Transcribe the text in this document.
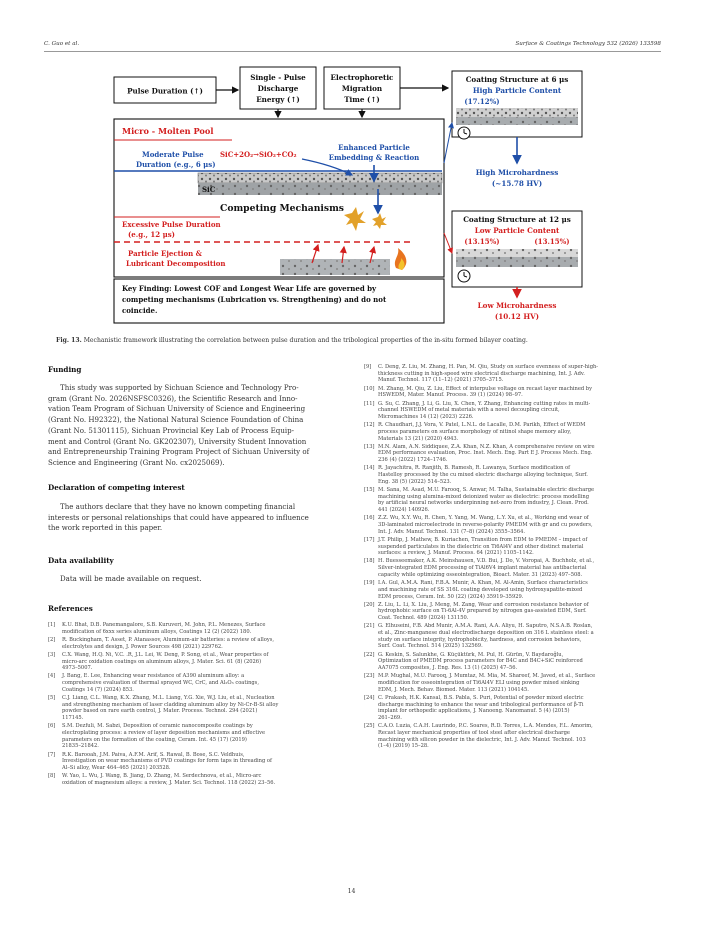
C. Guo et al.	Surface & Coatings Technology 532 (2026) 133598
Pulse Duration (↑)
Single - Pulse
Discharge
Energy (↑)
Electrophoretic
Migration
Time (↑)
Micro - Molten Pool
Moderate Pulse
Duration (e.g., 6 μs)
SiC+2O₂→SiO₂+CO₂
Enhanced Particle
Embedding & Reaction
SiC
Competing Mechanisms
Excessive Pulse Duration
(e.g., 12 μs)
Particle Ejection &
Lubricant Decomposition
Key Finding: Lowest COF and Longest Wear Life are governed by
competing mechanisms (Lubrication vs. Strengthening) and do not
coincide.
Coating Structure at 6 μs
High Particle Content
(17.12%)
High Microhardness
(~15.78 HV)
Coating Structure at 12 μs
Low Particle Content
(13.15%)	(13.15%)
Low Microhardness
(10.12 HV)
Fig. 13. Mechanistic framework illustrating the correlation between pulse duration and the tribological properties of the in-situ formed bilayer coating.
Funding
This study was supported by Sichuan Science and Technology Pro-
gram (Grant No. 2026NSFSC0326), the Scientific Research and Inno-
vation Team Program of Sichuan University of Science and Engineering
(Grant No. H92322), the National Natural Science Foundation of China
(Grant No. 51301115), Sichuan Provincial Key Lab of Process Equip-
ment and Control (Grant No. GK202307), University Student Innovation
and Entrepreneurship Training Program Project of Sichuan University of
Science and Engineering (Grant No. cx2025069).
Declaration of competing interest
The authors declare that they have no known competing financial
interests or personal relationships that could have appeared to influence
the work reported in this paper.
Data availability
Data will be made available on request.
References
[1]	K.U. Bhat, D.B. Panemangalore, S.B. Kuruveri, M. John, P.L. Menezes, Surface
modification of 6xxx series aluminum alloys, Coatings 12 (2) (2022) 180.
[2]	R. Buckingham, T. Asset, P. Atanassov, Aluminum-air batteries: a review of alloys,
electrolytes and design, J. Power Sources 498 (2021) 229762.
[3]	C.X. Wang, H.Q. Ni, V.C. .R, J.L. Lei, W. Deng, P. Song, et al., Wear properties of
micro-arc oxidation coatings on aluminum alloys, J. Mater. Sci. 61 (8) (2026)
4973–5007.
[4]	J. Bang, E. Lee, Enhancing wear resistance of A390 aluminum alloy: a
comprehensive evaluation of thermal sprayed WC, CrC, and Al₂O₃ coatings,
Coatings 14 (7) (2024) 853.
[5]	C.J. Liang, C.L. Wang, K.X. Zhang, M.L. Liang, Y.G. Xie, W.J. Liu, et al., Nucleation
and strengthening mechanism of laser cladding aluminum alloy by Ni-Cr-B-Si alloy
powder based on rare earth control, J. Mater. Process. Technol. 294 (2021)
117145.
[6]	S.M. Dezfuli, M. Sabzi, Deposition of ceramic nanocomposite coatings by
electroplating process: a review of layer deposition mechanisms and effective
parameters on the formation of the coating, Ceram. Int. 45 (17) (2019)
21835–21842.
[7]	R.K. Barooah, J.M. Paiva, A.F.M. Arif, S. Rawal, B. Bose, S.C. Veldhuis,
Investigation on wear mechanisms of PVD coatings for form taps in threading of
Al–Si alloy, Wear 464–465 (2021) 203528.
[8]	W. Yao, L. Wu, J. Wang, B. Jiang, D. Zhang, M. Serdechnova, et al., Micro-arc
oxidation of magnesium alloys: a review, J. Mater. Sci. Technol. 118 (2022) 23–56.
[9]	C. Deng, Z. Liu, M. Zhang, H. Pan, M. Qiu, Study on surface evenness of super-high-
thickness cutting in high-speed wire electrical discharge machining, Int. J. Adv.
Manuf. Technol. 117 (11–12) (2021) 3705–3715.
[10] M. Zhang, M. Qiu, Z. Liu, Effect of interpulse voltage on recast layer machined by
HSWEDM, Mater. Manuf. Process. 39 (1) (2024) 98–97.
[11] G. Su, C. Zhang, J. Li, G. Liu, X. Chen, Y. Zhang, Enhancing cutting rates in multi-
channel HSWEDM of metal materials with a novel decoupling circuit,
Micromachines 14 (12) (2023) 2226.
[12] R. Chaudhari, J.J. Vora, V. Patel, L.N.L. de Lacalle, D.M. Parikh, Effect of WEDM
process parameters on surface morphology of nitinol shape memory alloy,
Materials 13 (21) (2020) 4943.
[13] M.N. Alam, A.N. Siddiquee, Z.A. Khan, N.Z. Khan, A comprehensive review on wire
EDM performance evaluation, Proc. Inst. Mech. Eng. Part E J. Process Mech. Eng.
236 (4) (2022) 1724–1746.
[14] R. Jayachitra, R. Ranjith, B. Ramesh, R. Lawanya, Surface modification of
Hastelloy processed by the cu mixed electric discharge alloying technique, Surf.
Eng. 38 (5) (2022) 514–523.
[15] M. Sana, M. Asad, M.U. Farooq, S. Anwar, M. Talha, Sustainable electric discharge
machining using alumina-mixed deionized water as dielectric: process modelling
by artificial neural networks underpinning net-zero from industry, J. Clean. Prod.
441 (2024) 140926.
[16] Z.Z. Wu, X.Y. Wu, R. Chen, Y. Yang, M. Wang, L.Y. Xu, et al., Working end wear of
3D-laminated microelectrode in reverse-polarity PMEDM with gr and cu powders,
Int. J. Adv. Manuf. Technol. 131 (7–8) (2024) 3555–3564.
[17] J.T. Philip, J. Mathew, B. Kuriachen, Transition from EDM to PMEDM – impact of
suspended particulates in the dielectric on Ti6Al4V and other distinct material
surfaces: a review, J. Manuf. Process. 64 (2021) 1105–1142.
[18] H. Buesseemaker, A.K. Meinshausen, V.D. Bui, J. Do, V. Voropai, A. Buchholz, et al.,
Silver-integrated EDM processing of TiAl6V4 implant material has antibacterial
capacity while optimizing osseointegration, Bioact. Mater. 31 (2023) 497–508.
[19] I.A. Gul, A.M.A. Rani, F.B.A. Munir, A. Khan, M. Al-Amin, Surface characteristics
and machining rate of SS 316L coating developed using hydroxyapatite-mixed
EDM process, Ceram. Int. 50 (22) (2024) 35919–35929.
[20] Z. Liu, L. Li, X. Liu, J. Meng, M. Zang, Wear and corrosion resistance behavior of
hydrophobic surface on Ti-6Al-4V prepared by nitrogen gas-assisted EDM, Surf.
Coat. Technol. 489 (2024) 131150.
[21] G. Elhuseini, F.B. Abd Munir, A.M.A. Rani, A.A. Aliyu, H. Saputro, N.S.A.B. Roslan,
et al., Zinc-manganese dual electrodischarge deposition on 316 L stainless steel: a
study on surface integrity, hydrophobicity, hardness, and corrosion behaviors,
Surf. Coat. Technol. 514 (2025) 132569.
[22] G. Keskin, S. Salunkhe, G. Küçüktürk, M. Pul, H. Gürün, V. Baydaroğlu,
Optimization of PMEDM process parameters for B4C and B4C+SiC reinforced
AA7075 composites, J. Eng. Res. 13 (1) (2025) 47–56.
[23] M.P. Mughal, M.U. Farooq, J. Mumtaz, M. Mia, M. Shareef, M. Javed, et al., Surface
modification for osseointegration of Ti6Al4V ELI using powder mixed sinking
EDM, J. Mech. Behav. Biomed. Mater. 113 (2021) 104145.
[24] C. Prakash, H.K. Kansal, B.S. Pabla, S. Puri, Potential of powder mixed electric
discharge machining to enhance the wear and tribological performance of β-Ti
implant for orthopedic applications, J. Nanoeng. Nanomanuf. 5 (4) (2015)
261–269.
[25] C.A.O. Luzia, C.A.H. Laurindo, P.C. Soares, R.D. Torres, L.A. Mendes, F.L. Amorim,
Recast layer mechanical properties of tool steel after electrical discharge
machining with silicon powder in the dielectric, Int. J. Adv. Manuf. Technol. 103
(1–4) (2019) 15–28.
14
